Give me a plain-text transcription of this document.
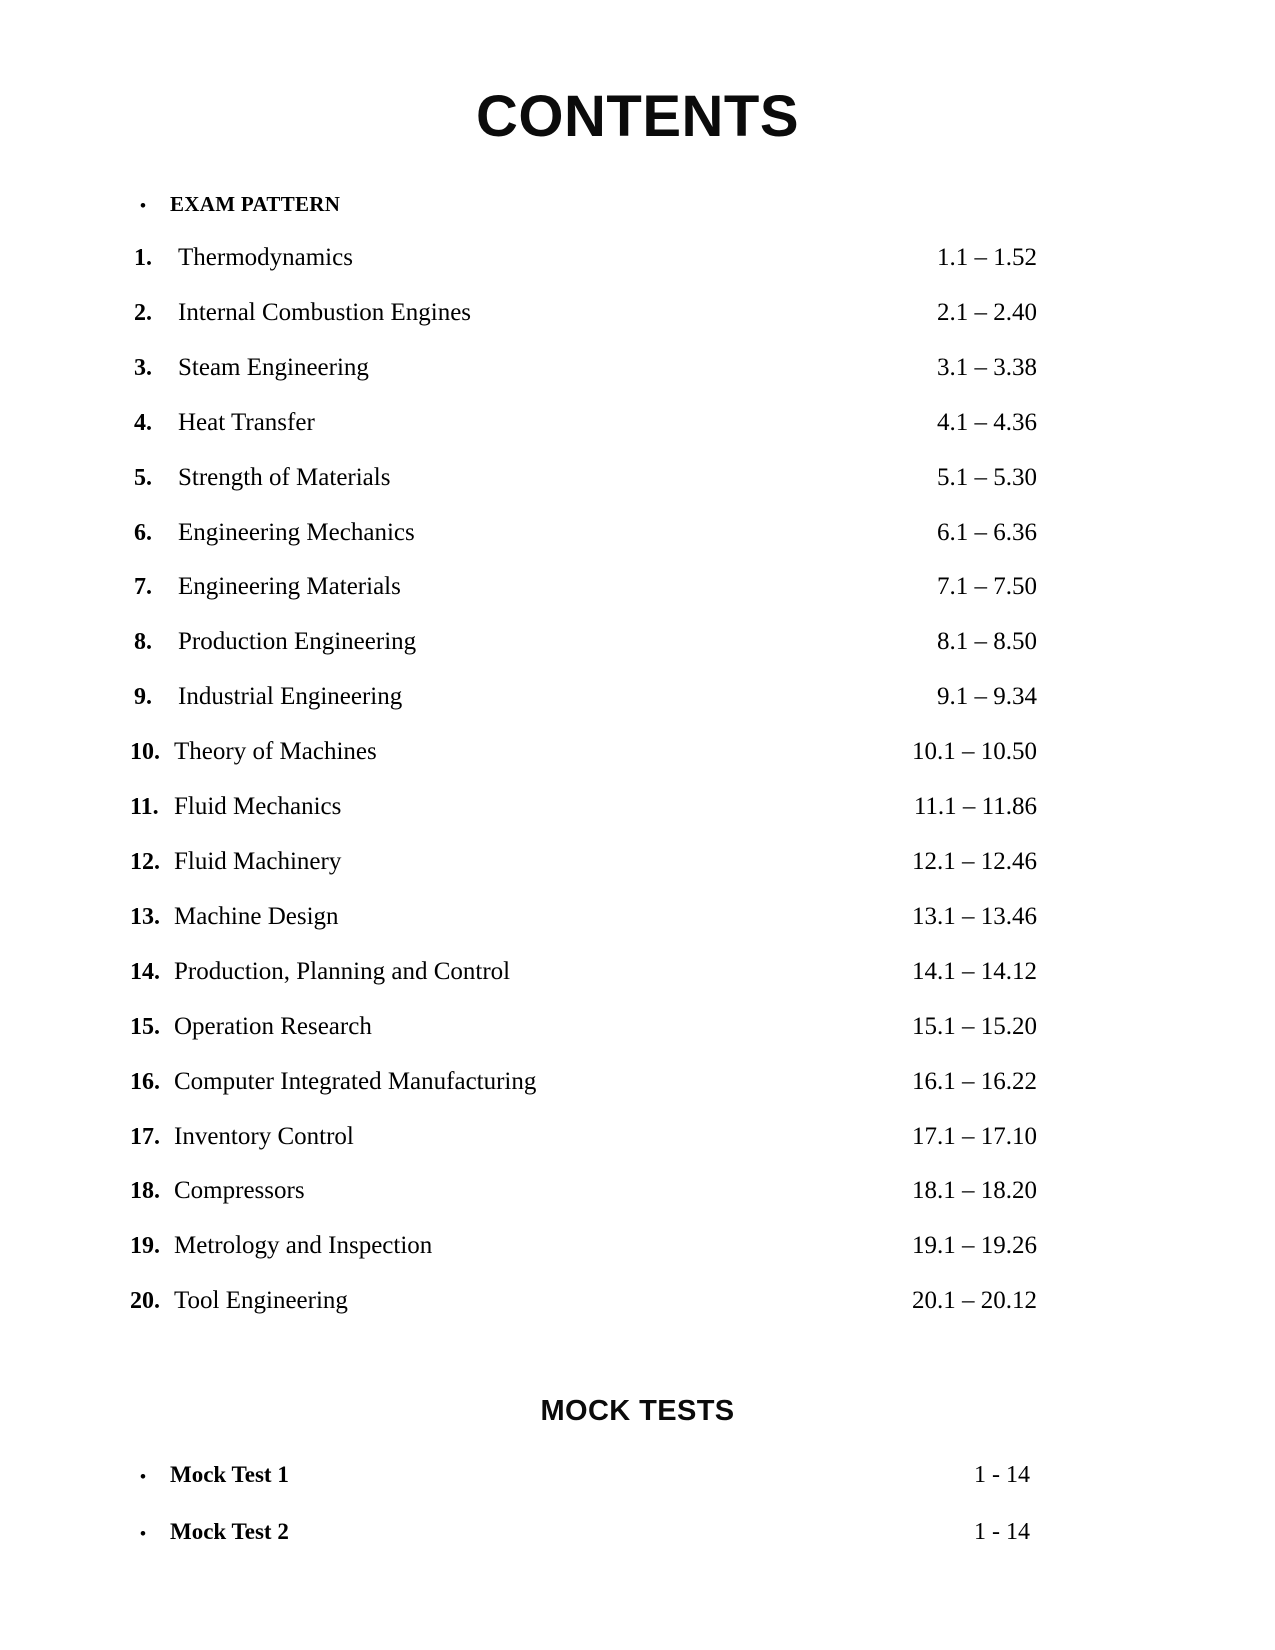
CONTENTS
•	EXAM PATTERN
1.	Thermodynamics	1.1 – 1.52
2.	Internal Combustion Engines	2.1 – 2.40
3.	Steam Engineering	3.1 – 3.38
4.	Heat Transfer	4.1 – 4.36
5.	Strength of Materials	5.1 – 5.30
6.	Engineering Mechanics	6.1 – 6.36
7.	Engineering Materials	7.1 – 7.50
8.	Production Engineering	8.1 – 8.50
9.	Industrial Engineering	9.1 – 9.34
10. Theory of Machines	10.1 – 10.50
11. Fluid Mechanics	11.1 – 11.86
12. Fluid Machinery	12.1 – 12.46
13. Machine Design	13.1 – 13.46
14. Production, Planning and Control	14.1 – 14.12
15. Operation Research	15.1 – 15.20
16. Computer Integrated Manufacturing	16.1 – 16.22
17. Inventory Control	17.1 – 17.10
18. Compressors	18.1 – 18.20
19. Metrology and Inspection	19.1 – 19.26
20. Tool Engineering	20.1 – 20.12
MOCK TESTS
•	Mock Test 1	1 - 14
•	Mock Test 2	1 - 14
